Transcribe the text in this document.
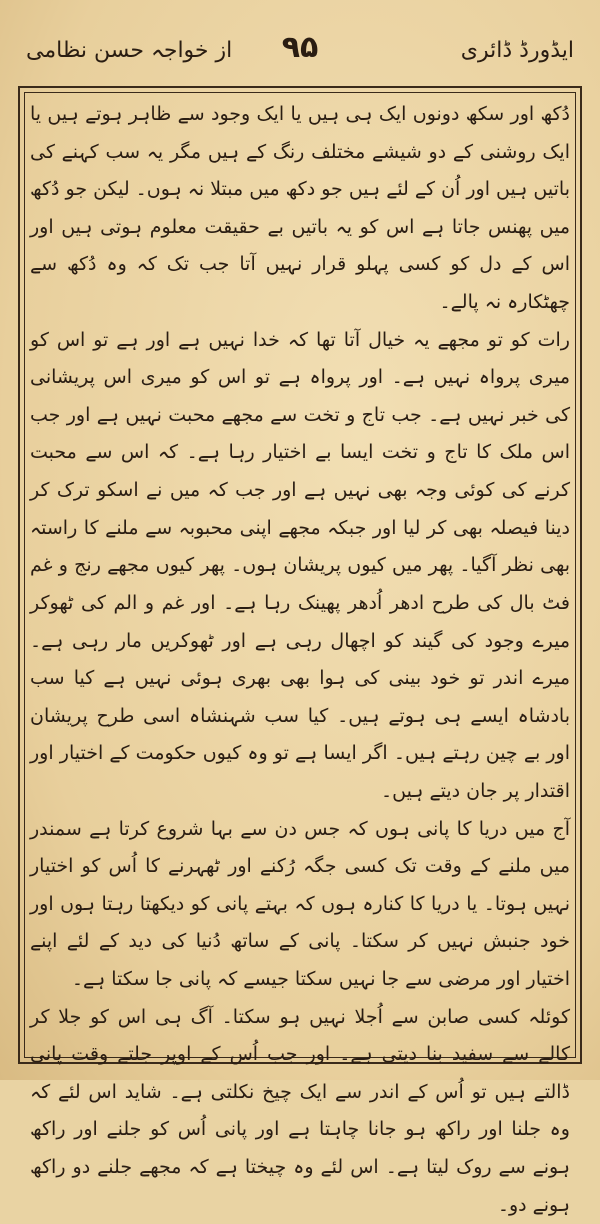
ایڈورڈ ڈائری
۹۵
از خواجہ حسن نظامی

دُکھ اور سکھ دونوں ایک ہی ہیں یا ایک وجود سے ظاہر ہوتے ہیں یا ایک روشنی کے دو شیشے مختلف رنگ کے ہیں مگر یہ سب کہنے کی باتیں ہیں اور اُن کے لئے ہیں جو دکھ میں مبتلا نہ ہوں۔ لیکن جو دُکھ میں پھنس جاتا ہے اس کو یہ باتیں بے حقیقت معلوم ہوتی ہیں اور اس کے دل کو کسی پہلو قرار نہیں آتا جب تک کہ وہ دُکھ سے چھٹکارہ نہ پالے۔

رات کو تو مجھے یہ خیال آتا تھا کہ خدا نہیں ہے اور ہے تو اس کو میری پرواہ نہیں ہے۔ اور پرواہ ہے تو اس کو میری اس پریشانی کی خبر نہیں ہے۔ جب تاج و تخت سے مجھے محبت نہیں ہے اور جب اس ملک کا تاج و تخت ایسا بے اختیار رہا ہے۔ کہ اس سے محبت کرنے کی کوئی وجہ بھی نہیں ہے اور جب کہ میں نے اسکو ترک کر دینا فیصلہ بھی کر لیا اور جبکہ مجھے اپنی محبوبہ سے ملنے کا راستہ بھی نظر آگیا۔ پھر میں کیوں پریشان ہوں۔ پھر کیوں مجھے رنج و غم فٹ بال کی طرح ادھر اُدھر پھینک رہا ہے۔ اور غم و الم کی ٹھوکر میرے وجود کی گیند کو اچھال رہی ہے اور ٹھوکریں مار رہی ہے۔ میرے اندر تو خود بینی کی ہوا بھی بھری ہوئی نہیں ہے کیا سب بادشاہ ایسے ہی ہوتے ہیں۔ کیا سب شہنشاہ اسی طرح پریشان اور بے چین رہتے ہیں۔ اگر ایسا ہے تو وہ کیوں حکومت کے اختیار اور اقتدار پر جان دیتے ہیں۔

آج میں دریا کا پانی ہوں کہ جس دن سے بہا شروع کرتا ہے سمندر میں ملنے کے وقت تک کسی جگہ رُکنے اور ٹھہرنے کا اُس کو اختیار نہیں ہوتا۔ یا دریا کا کنارہ ہوں کہ بہتے پانی کو دیکھتا رہتا ہوں اور خود جنبش نہیں کر سکتا۔ پانی کے ساتھ دُنیا کی دید کے لئے اپنے اختیار اور مرضی سے جا نہیں سکتا جیسے کہ پانی جا سکتا ہے۔

کوئلہ کسی صابن سے اُجلا نہیں ہو سکتا۔ آگ ہی اس کو جلا کر کالے سے سفید بنا دیتی ہے۔ اور جب اُس کے اوپر جلتے وقت پانی ڈالتے ہیں تو اُس کے اندر سے ایک چیخ نکلتی ہے۔ شاید اس لئے کہ وہ جلنا اور راکھ ہو جانا چاہتا ہے اور پانی اُس کو جلنے اور راکھ ہونے سے روک لیتا ہے۔ اس لئے وہ چیختا ہے کہ مجھے جلنے دو راکھ ہونے دو۔
